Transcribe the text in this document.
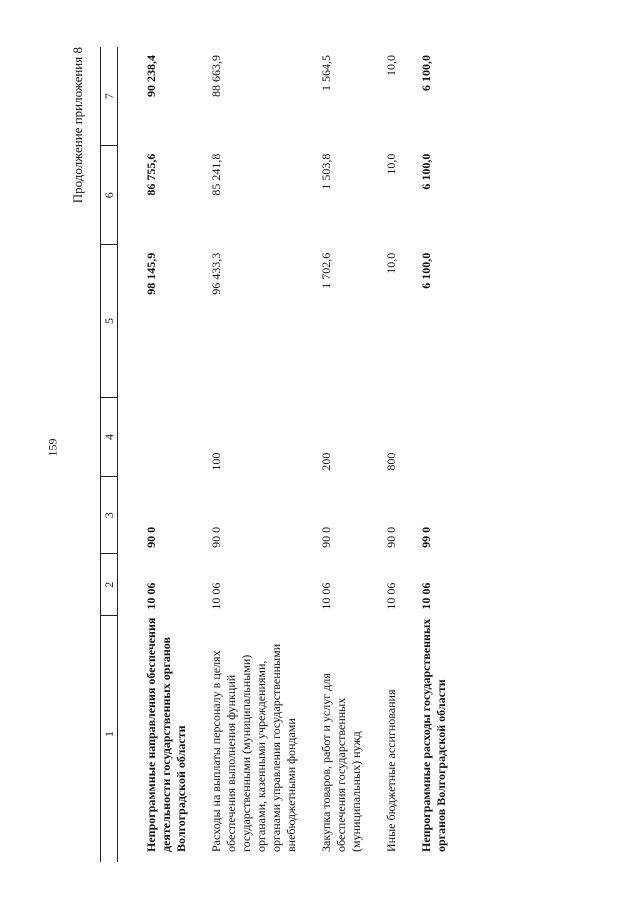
159
Продолжение приложения 8
1	2	3	4	5	6	7

Непрограммные направления обеспечения деятельности государственных органов Волгоградской области	10 06	90 0		98 145,9	86 755,6	90 238,4
Расходы на выплаты персоналу в целях обеспечения выполнения функций государственными (муниципальными) органами, казенными учреждениями, органами управления государственными внебюджетными фондами	10 06	90 0	100	96 433,3	85 241,8	88 663,9
Закупка товаров, работ и услуг для обеспечения государственных (муниципальных) нужд	10 06	90 0	200	1 702,6	1 503,8	1 564,5
Иные бюджетные ассигнования	10 06	90 0	800	10,0	10,0	10,0
Непрограммные расходы государственных органов Волгоградской области	10 06	99 0		6 100,0	6 100,0	6 100,0
